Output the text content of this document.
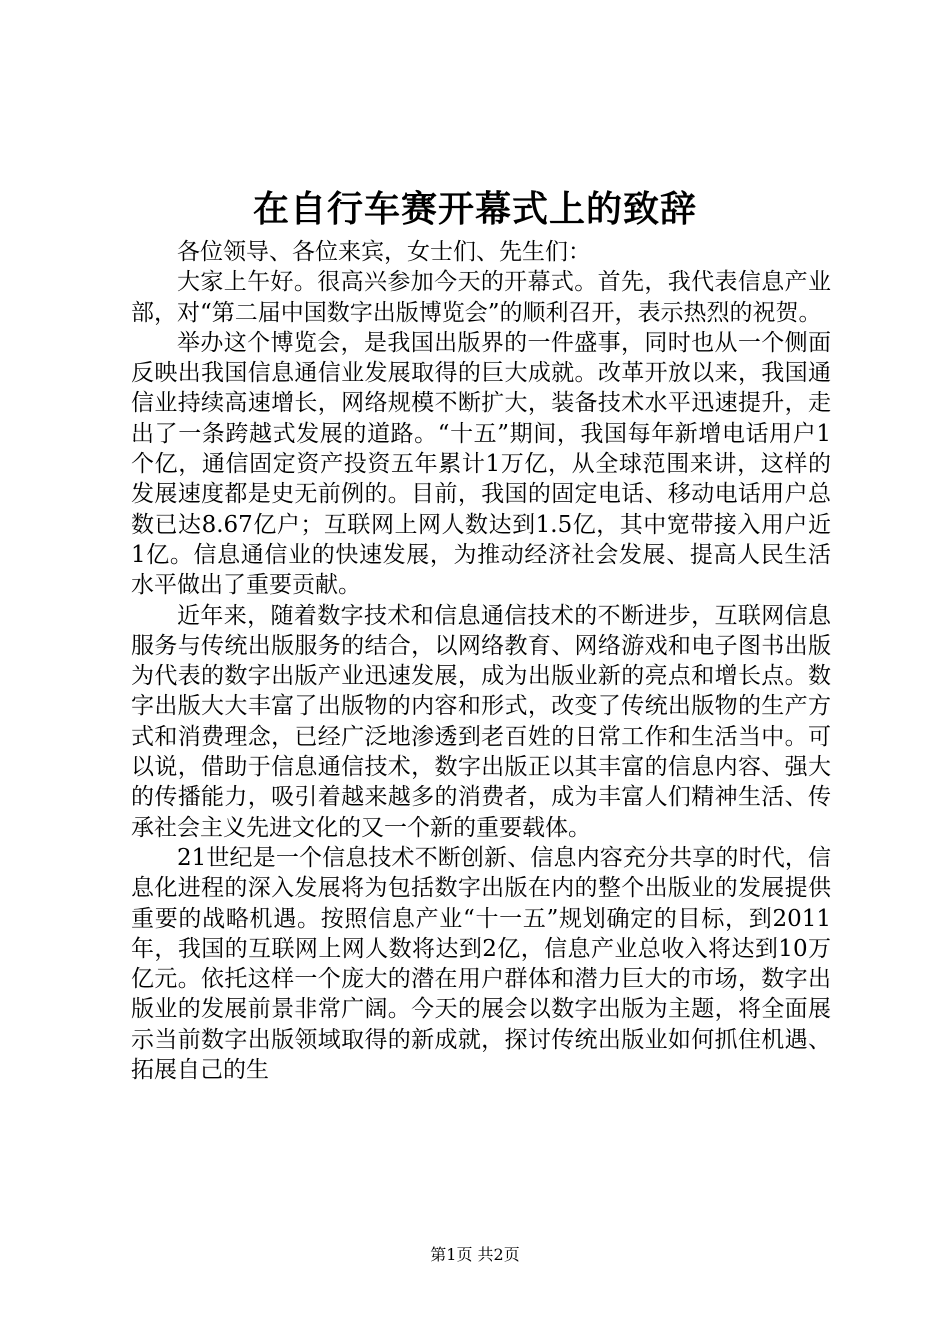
在自行车赛开幕式上的致辞

各位领导、各位来宾，女士们、先生们：

大家上午好。很高兴参加今天的开幕式。首先，我代表信息产业部，对“第二届中国数字出版博览会”的顺利召开，表示热烈的祝贺。

举办这个博览会，是我国出版界的一件盛事，同时也从一个侧面反映出我国信息通信业发展取得的巨大成就。改革开放以来，我国通信业持续高速增长，网络规模不断扩大，装备技术水平迅速提升，走出了一条跨越式发展的道路。“十五”期间，我国每年新增电话用户1个亿，通信固定资产投资五年累计1万亿，从全球范围来讲，这样的发展速度都是史无前例的。目前，我国的固定电话、移动电话用户总数已达8.67亿户；互联网上网人数达到1.5亿，其中宽带接入用户近1亿。信息通信业的快速发展，为推动经济社会发展、提高人民生活水平做出了重要贡献。

近年来，随着数字技术和信息通信技术的不断进步，互联网信息服务与传统出版服务的结合，以网络教育、网络游戏和电子图书出版为代表的数字出版产业迅速发展，成为出版业新的亮点和增长点。数字出版大大丰富了出版物的内容和形式，改变了传统出版物的生产方式和消费理念，已经广泛地渗透到老百姓的日常工作和生活当中。可以说，借助于信息通信技术，数字出版正以其丰富的信息内容、强大的传播能力，吸引着越来越多的消费者，成为丰富人们精神生活、传承社会主义先进文化的又一个新的重要载体。

21世纪是一个信息技术不断创新、信息内容充分共享的时代，信息化进程的深入发展将为包括数字出版在内的整个出版业的发展提供重要的战略机遇。按照信息产业“十一五”规划确定的目标，到2011年，我国的互联网上网人数将达到2亿，信息产业总收入将达到10万亿元。依托这样一个庞大的潜在用户群体和潜力巨大的市场，数字出版业的发展前景非常广阔。今天的展会以数字出版为主题，将全面展示当前数字出版领域取得的新成就，探讨传统出版业如何抓住机遇、拓展自己的生

第1页 共2页
